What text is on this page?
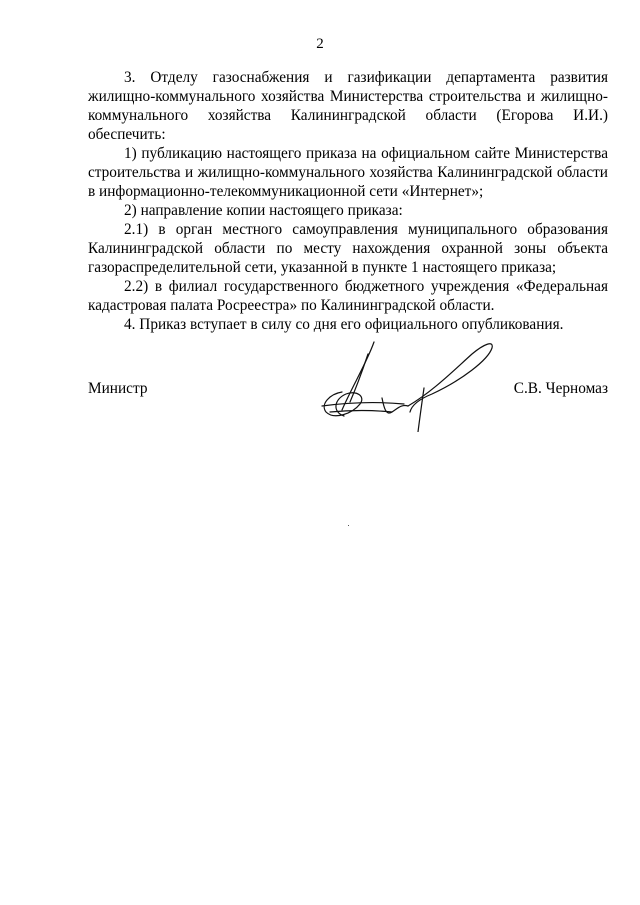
2

3. Отделу газоснабжения и газификации департамента развития жилищно-коммунального хозяйства Министерства строительства и жилищно-коммунального хозяйства Калининградской области (Егорова И.И.) обеспечить:

1) публикацию настоящего приказа на официальном сайте Министерства строительства и жилищно-коммунального хозяйства Калининградской области в информационно-телекоммуникационной сети «Интернет»;

2) направление копии настоящего приказа:

2.1) в орган местного самоуправления муниципального образования Калининградской области по месту нахождения охранной зоны объекта газораспределительной сети, указанной в пункте 1 настоящего приказа;

2.2) в филиал государственного бюджетного учреждения «Федеральная кадастровая палата Росреестра» по Калининградской области.

4. Приказ вступает в силу со дня его официального опубликования.

Министр	С.В. Черномаз
